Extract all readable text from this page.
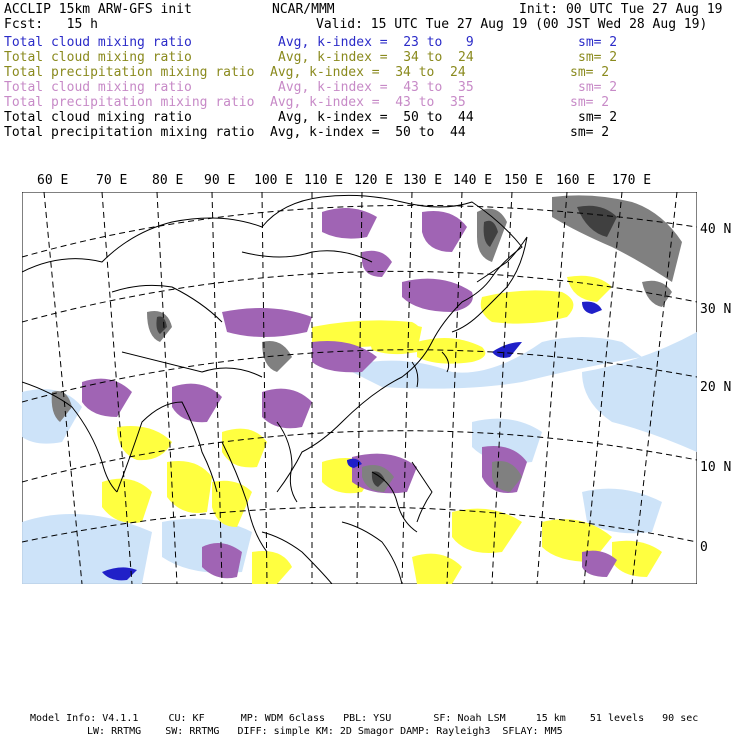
ACCLIP 15km ARW-GFS init	NCAR/MMM	Init: 00 UTC Tue 27 Aug 19
Fcst:   15 h	Valid: 15 UTC Tue 27 Aug 19 (00 JST Wed 28 Aug 19)
Total cloud mixing ratio	Avg, k-index =  23 to   9	sm= 2
Total cloud mixing ratio	Avg, k-index =  34 to  24	sm= 2
Total precipitation mixing ratio Avg, k-index =  34 to  24	sm= 2
Total cloud mixing ratio	Avg, k-index =  43 to  35	sm= 2
Total precipitation mixing ratio Avg, k-index =  43 to  35	sm= 2
Total cloud mixing ratio	Avg, k-index =  50 to  44	sm= 2
Total precipitation mixing ratio Avg, k-index =  50 to  44	sm= 2
60 E 70 E 80 E 90 E 100 E 110 E 120 E 130 E 140 E 150 E 160 E 170 E
40 N
30 N
20 N
10 N
0
Model Info: V4.1.1     CU: KF      MP: WDM 6class   PBL: YSU       SF: Noah LSM     15 km    51 levels   90 sec
LW: RRTMG    SW: RRTMG   DIFF: simple KM: 2D Smagor DAMP: Rayleigh3  SFLAY: MM5
